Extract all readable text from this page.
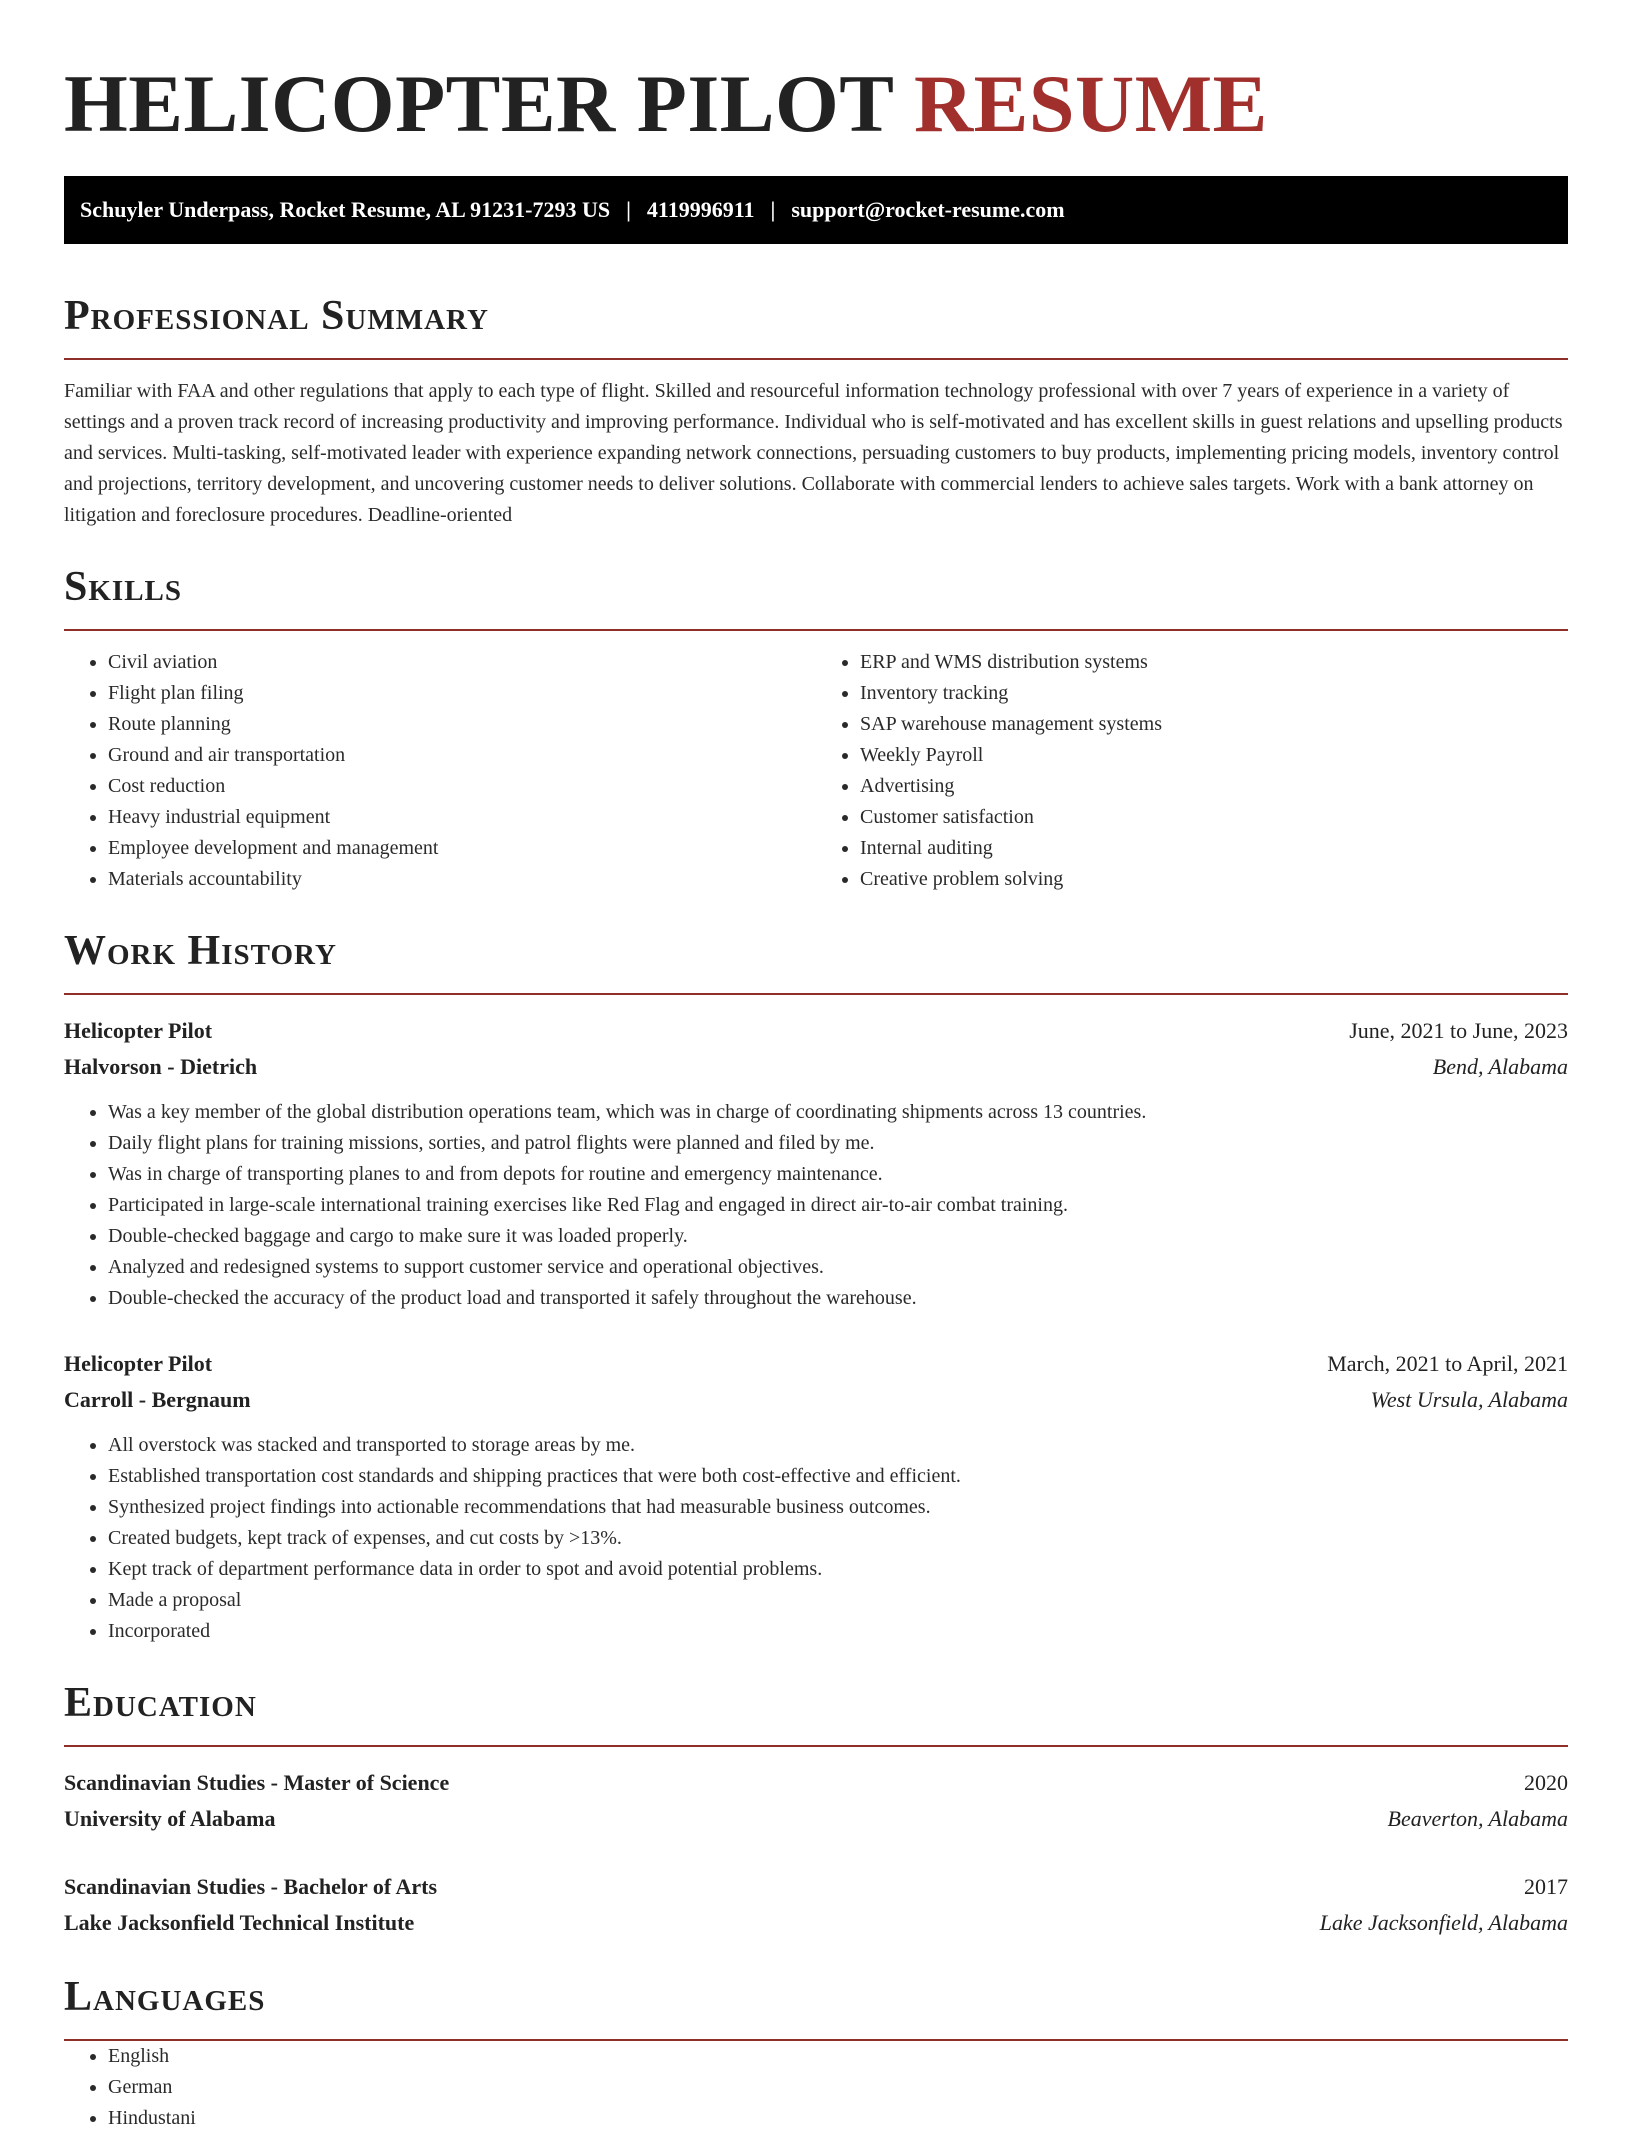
HELICOPTER PILOT RESUME
Schuyler Underpass, Rocket Resume, AL 91231-7293 US | 4119996911 | support@rocket-resume.com
Professional Summary

Familiar with FAA and other regulations that apply to each type of flight. Skilled and resourceful information technology professional with over 7 years of experience in a variety of settings and a proven track record of increasing productivity and improving performance. Individual who is self-motivated and has excellent skills in guest relations and upselling products and services. Multi-tasking, self-motivated leader with experience expanding network connections, persuading customers to buy products, implementing pricing models, inventory control and projections, territory development, and uncovering customer needs to deliver solutions. Collaborate with commercial lenders to achieve sales targets. Work with a bank attorney on litigation and foreclosure procedures. Deadline-oriented

Skills
• Civil aviation
• Flight plan filing
• Route planning
• Ground and air transportation
• Cost reduction
• Heavy industrial equipment
• Employee development and management
• Materials accountability
• ERP and WMS distribution systems
• Inventory tracking
• SAP warehouse management systems
• Weekly Payroll
• Advertising
• Customer satisfaction
• Internal auditing
• Creative problem solving
Work History
Helicopter Pilot	June, 2021 to June, 2023
Halvorson - Dietrich	Bend, Alabama
• Was a key member of the global distribution operations team, which was in charge of coordinating shipments across 13 countries.
• Daily flight plans for training missions, sorties, and patrol flights were planned and filed by me.
• Was in charge of transporting planes to and from depots for routine and emergency maintenance.
• Participated in large-scale international training exercises like Red Flag and engaged in direct air-to-air combat training.
• Double-checked baggage and cargo to make sure it was loaded properly.
• Analyzed and redesigned systems to support customer service and operational objectives.
• Double-checked the accuracy of the product load and transported it safely throughout the warehouse.
Helicopter Pilot	March, 2021 to April, 2021
Carroll - Bergnaum	West Ursula, Alabama
• All overstock was stacked and transported to storage areas by me.
• Established transportation cost standards and shipping practices that were both cost-effective and efficient.
• Synthesized project findings into actionable recommendations that had measurable business outcomes.
• Created budgets, kept track of expenses, and cut costs by >13%.
• Kept track of department performance data in order to spot and avoid potential problems.
• Made a proposal
• Incorporated
Education
Scandinavian Studies - Master of Science	2020
University of Alabama	Beaverton, Alabama
Scandinavian Studies - Bachelor of Arts	2017
Lake Jacksonfield Technical Institute	Lake Jacksonfield, Alabama
Languages
• English
• German
• Hindustani
